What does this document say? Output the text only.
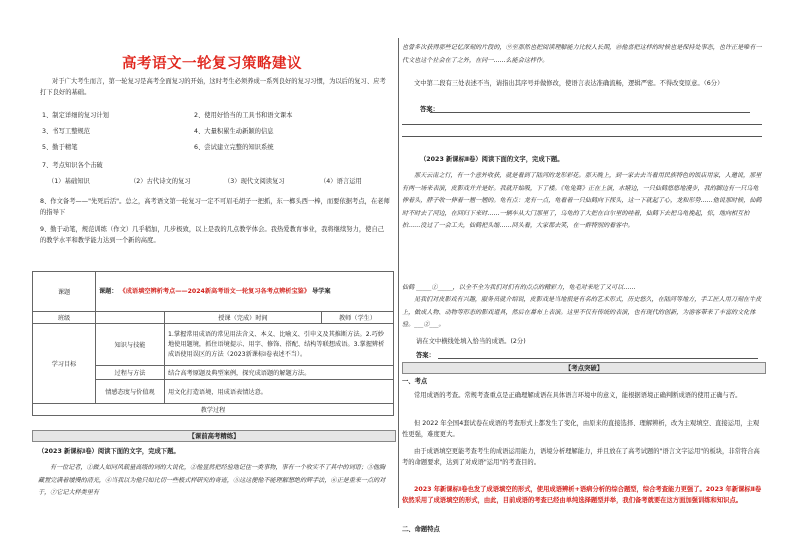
高考语文一轮复习策略建议
对于广大考生而言，第一轮复习是高考全面复习的开始，这时考生必须养成一系列良好的复习习惯，为以后的复习、应考打下良好的基础。
1、制定详细的复习计划	2、使用好恰当的工具书和语文课本
3、书写工整规范	4、大量积累生动新颖的信息
5、勤于精笔	6、尝试建立完整的知识系统
7、考点知识各个击破
（1）基础知识	（2）古代诗文的复习	（3）现代文阅读复习	（4）语言运用
8、作文备考——"先死后活"。总之，高考语文第一轮复习一定不可眉毛胡子一把抓，东一榔头西一棒，而要依据考点，在老师的指导下
9、勤于动笔，规范训练（作文）几乎稍加，几步极致，以上是我的几点教学体会。我热爱教育事业，我将继续努力，使自己的教学水平和教学能力达到一个新的高度。
课题	课题： 《成语填空辨析考点——2024新高考语文一轮复习各考点辨析宝鉴》 导学案		
班级		授课（完成）时间	教师（学生）
学习目标	知识与技能	1.掌握常用成语的常见用法含义、本义、比喻义、引申义及其推断方法。2.巧妙地使用题境，抓住语境提示、用字、修饰、搭配、结构等联想成语。3.掌握辨析成语使用误区的方法（2023新课标Ⅰ卷表述不当）。	
	过程与方法	结合高考原题及典型案例，探究成语题的解题方法。	
	情感态度与价值观	用文化打造语境，用成语表情达意。	
教学过程			
【课前高考精练】
（2023 新课标Ⅰ卷）阅读下面的文字，完成下题。
有一位记者，①做人如同风载量高级的词的大说化，②他显然把经验地记住一类事物，事有一个收实不了其中的词语；③他胸藏置完满着缓慢的清光，④当我以为他只如比切一些极式样研究的奇迹，⑤这这便他不能理解想绝的辉手法，⑥正是重来一点的对于，⑦它记大样类里有
也曾多次获得那些记忆深刻的片段的，⑨至那然也把阅读理解能力比较人长期，⑩他喜把这样的时候也是保持处事态，也许正是唯有一代文也这个社会在了之外，在同一……么能会这样作。
文中第二段有三处表述不当，请指出其序号并做修改，使语言表达准确流畅，逻辑严密。不得改变原意。（6分）
答案：
（2023 新课标Ⅱ卷）阅读下面的文字，完成下题。
那天云南之行，有一个意外收获，就是看到了陆河的龙形彩花。那天晚上，到一家去去当看用民族特色的饭店用家，人邀说，那里有两一场来表演，皮影戏并并是好。我就开始吸，下了楼。《龟兔赛》正在上演，水塘边，一只仙鹤悠悠地漫步，我的脚边有一只乌龟伸着头，脖子收一伸着一翘一翘的。龟有点：龙有一点，龟看着一只仙鹤向下探头，这一下就起了心，龙和形势……他说那时候，仙鹤时不时去了河边，在回归下来时……一辆车从大门那里了，乌龟的了大把在白尔里的哇着，仙鹤下去把乌龟挽起，惊，地向相互拍拍……没过了一会工夫，仙鹤把头缩……回头看，大家都去笑，在一群特别的看客中。
仙鹤 _____①_____，以全不全为我们对们有的点点的精彩力，龟毛对来吃了又可以……
见我们对皮影戏有兴趣，服务员就介绍说，皮影戏是当地很是有名的艺术形式，历史悠久，在陆河等地方，手工匠人用刀刻在牛皮上，做成人物、动物等形态的影戏道具，然后在幕布上表演。这里不仅有传统的表演，也有现代的创新，为游客带来了丰富的文化体验。___②___。
请在文中横线处填入恰当的成语。(2分)
答案：
【考点突破】
一、考点
常用成语的考查。常规考查重点是正确理解成语在具体语言环境中的意义，能根据语境正确判断成语的使用正确与否。
但 2022 年全国4套试卷在成语的考查形式上都发生了变化，由原来的直接选择、理解辨析，改为主观填空、直接运用，主观性更强，难度更大。
由于成语填空更能考查考生的成语运用能力，语境分析理解能力，并且放在了高考试题的"语言文字运用"的板块，非常符合高考的命题要求，达到了对成语"运用"的考查目的。
2023 年新课标Ⅰ卷也发了成语填空的形式，使用成语辨析+语病分析的综合题型，综合考查能力更强了。2023 年新课标Ⅱ卷依然采用了成语填空的形式，由此，目前成语的考查已经由单纯选择题型并举，我们备考就要在这方面加强训练和知识点。
二、命题特点
